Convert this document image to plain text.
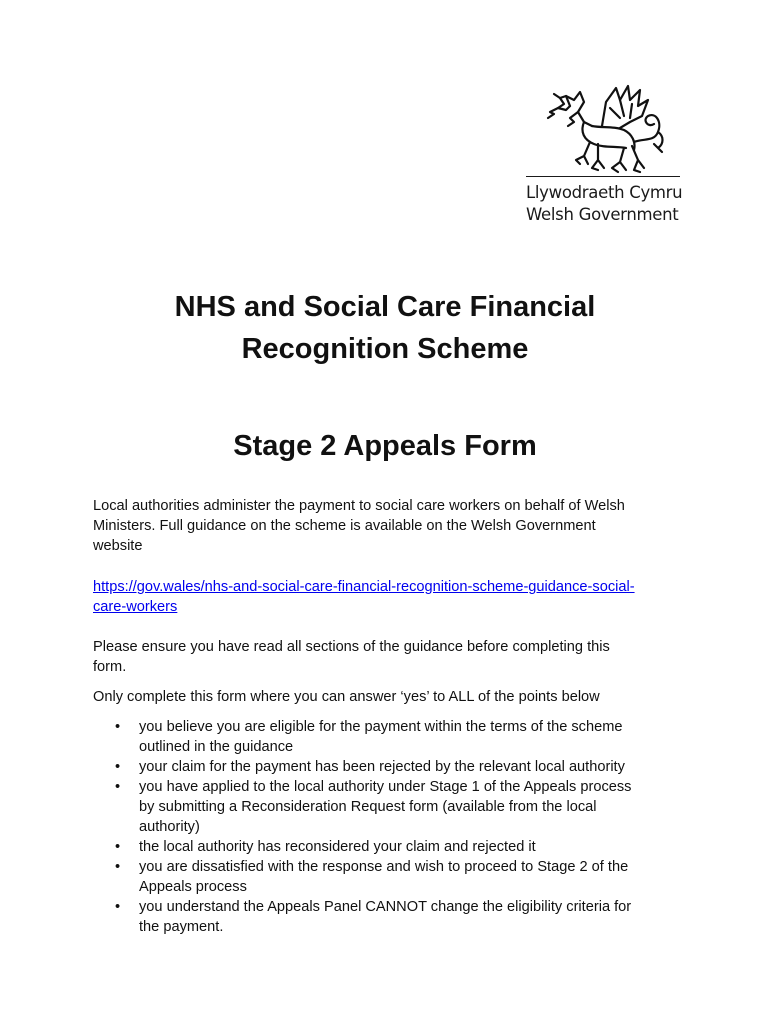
Llywodraeth Cymru
Welsh Government
NHS and Social Care Financial
Recognition Scheme
Stage 2 Appeals Form

Local authorities administer the payment to social care workers on behalf of Welsh
Ministers. Full guidance on the scheme is available on the Welsh Government
website

https://gov.wales/nhs-and-social-care-financial-recognition-scheme-guidance-social-
care-workers

Please ensure you have read all sections of the guidance before completing this
form.

Only complete this form where you can answer ‘yes’ to ALL of the points below

• you believe you are eligible for the payment within the terms of the scheme
outlined in the guidance
• your claim for the payment has been rejected by the relevant local authority
• you have applied to the local authority under Stage 1 of the Appeals process
by submitting a Reconsideration Request form (available from the local
authority)
• the local authority has reconsidered your claim and rejected it
• you are dissatisfied with the response and wish to proceed to Stage 2 of the
Appeals process
• you understand the Appeals Panel CANNOT change the eligibility criteria for
the payment.
